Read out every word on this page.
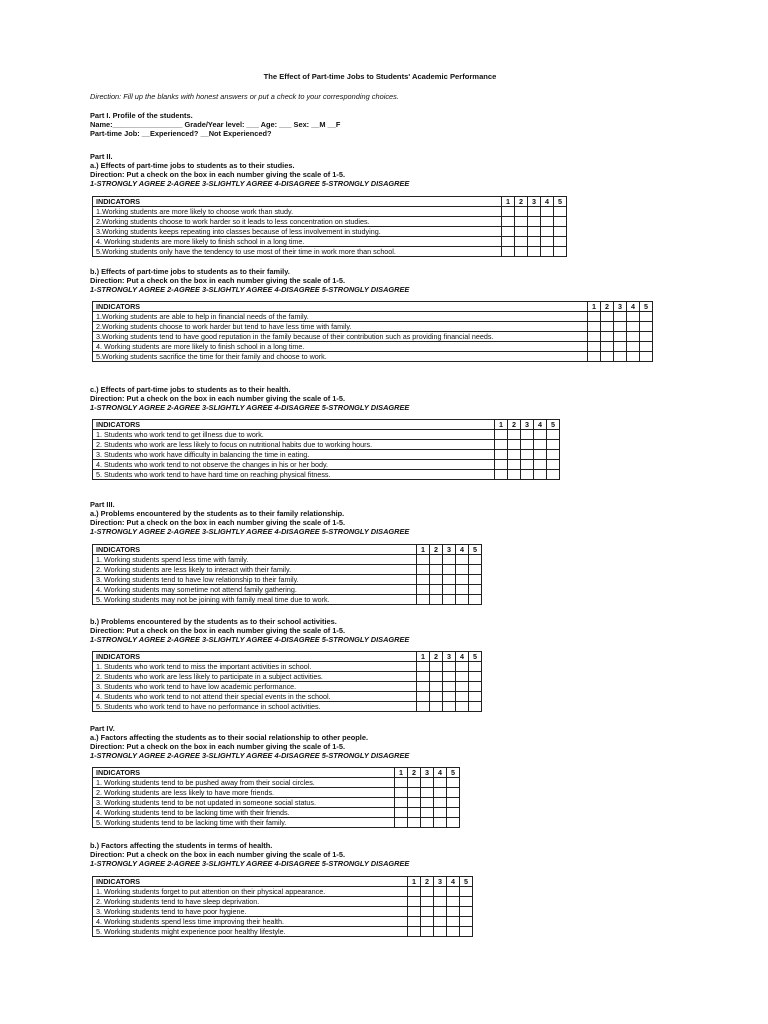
The Effect of Part-time Jobs to Students' Academic Performance
Direction: Fill up the blanks with honest answers or put a check to your corresponding choices.
Part I. Profile of the students.
Name:_________________ Grade/Year level: ___ Age: ___ Sex: __M __F
Part-time Job: __Experienced? __Not Experienced?
Part II.
a.) Effects of part-time jobs to students as to their studies.
Direction: Put a check on the box in each number giving the scale of 1-5.
1-STRONGLY AGREE 2-AGREE 3-SLIGHTLY AGREE 4-DISAGREE 5-STRONGLY DISAGREE
INDICATORS	1	2	3	4	5
1.Working students are more likely to choose work than study.					
2.Working students choose to work harder so it leads to less concentration on studies.					
3.Working students keeps repeating into classes because of less involvement in studying.					
4. Working students are more likely to finish school in a long time.					
5.Working students only have the tendency to use most of their time in work more than school.					
b.) Effects of part-time jobs to students as to their family.
Direction: Put a check on the box in each number giving the scale of 1-5.
1-STRONGLY AGREE 2-AGREE 3-SLIGHTLY AGREE 4-DISAGREE 5-STRONGLY DISAGREE
INDICATORS	1	2	3	4	5
1.Working students are able to help in financial needs of the family.					
2.Working students choose to work harder but tend to have less time with family.					
3.Working students tend to have good reputation in the family because of their contribution such as providing financial needs.					
4. Working students are more likely to finish school in a long time.					
5.Working students sacrifice the time for their family and choose to work.					
c.) Effects of part-time jobs to students as to their health.
Direction: Put a check on the box in each number giving the scale of 1-5.
1-STRONGLY AGREE 2-AGREE 3-SLIGHTLY AGREE 4-DISAGREE 5-STRONGLY DISAGREE
INDICATORS	1	2	3	4	5
1. Students who work tend to get illness due to work.					
2. Students who work are less likely to focus on nutritional habits due to working hours.					
3. Students who work have difficulty in balancing the time in eating.					
4. Students who work tend to not observe the changes in his or her body.					
5. Students who work tend to have hard time on reaching physical fitness.					
Part III.
a.) Problems encountered by the students as to their family relationship.
Direction: Put a check on the box in each number giving the scale of 1-5.
1-STRONGLY AGREE 2-AGREE 3-SLIGHTLY AGREE 4-DISAGREE 5-STRONGLY DISAGREE
INDICATORS	1	2	3	4	5
1. Working students spend less time with family.					
2. Working students are less likely to interact with their family.					
3. Working students tend to have low relationship to their family.					
4. Working students may sometime not attend family gathering.					
5. Working students may not be joining with family meal time due to work.					
b.) Problems encountered by the students as to their school activities.
Direction: Put a check on the box in each number giving the scale of 1-5.
1-STRONGLY AGREE 2-AGREE 3-SLIGHTLY AGREE 4-DISAGREE 5-STRONGLY DISAGREE
INDICATORS	1	2	3	4	5
1. Students who work tend to miss the important activities in school.					
2. Students who work are less likely to participate in a subject activities.					
3. Students who work tend to have low academic performance.					
4. Students who work tend to not attend their special events in the school.					
5. Students who work tend to have no performance in school activities.					
Part IV.
a.) Factors affecting the students as to their social relationship to other people.
Direction: Put a check on the box in each number giving the scale of 1-5.
1-STRONGLY AGREE 2-AGREE 3-SLIGHTLY AGREE 4-DISAGREE 5-STRONGLY DISAGREE
INDICATORS	1	2	3	4	5
1. Working students tend to be pushed away from their social circles.					
2. Working students are less likely to have more friends.					
3. Working students tend to be not updated in someone social status.					
4. Working students tend to be lacking time with their friends.					
5. Working students tend to be lacking time with their family.					
b.) Factors affecting the students in terms of health.
Direction: Put a check on the box in each number giving the scale of 1-5.
1-STRONGLY AGREE 2-AGREE 3-SLIGHTLY AGREE 4-DISAGREE 5-STRONGLY DISAGREE
INDICATORS	1	2	3	4	5
1. Working students forget to put attention on their physical appearance.					
2. Working students tend to have sleep deprivation.					
3. Working students tend to have poor hygiene.					
4. Working students spend less time improving their health.					
5. Working students might experience poor healthy lifestyle.					
